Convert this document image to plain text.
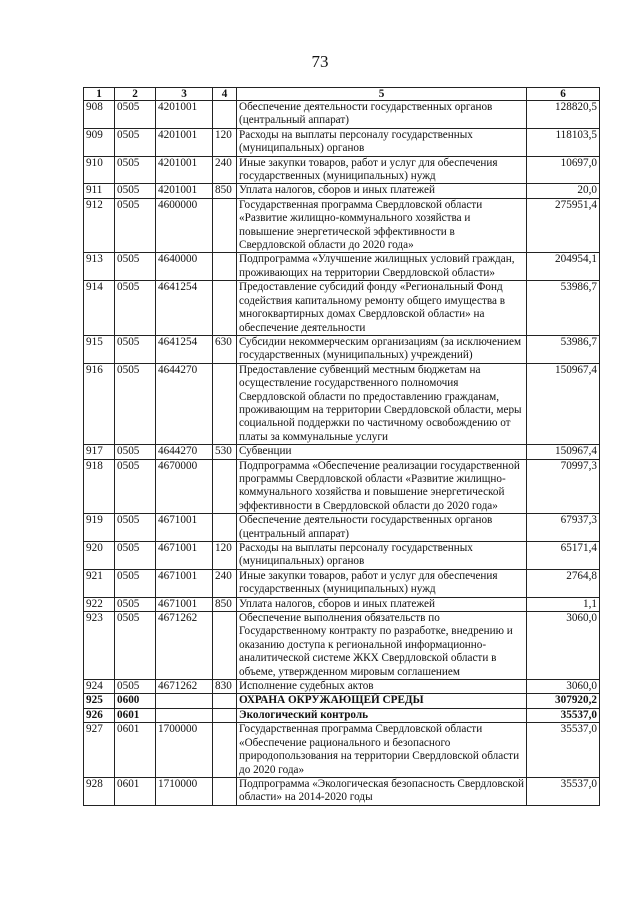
73
1	2	3	4	5	6
908	0505	4201001		Обеспечение деятельности государственных органов (центральный аппарат)	128820,5
909	0505	4201001	120	Расходы на выплаты персоналу государственных (муниципальных) органов	118103,5
910	0505	4201001	240	Иные закупки товаров, работ и услуг для обеспечения государственных (муниципальных) нужд	10697,0
911	0505	4201001	850	Уплата налогов, сборов и иных платежей	20,0
912	0505	4600000		Государственная программа Свердловской области «Развитие жилищно-коммунального хозяйства и повышение энергетической эффективности в Свердловской области до 2020 года»	275951,4
913	0505	4640000		Подпрограмма «Улучшение жилищных условий граждан, проживающих на территории Свердловской области»	204954,1
914	0505	4641254		Предоставление субсидий фонду «Региональный Фонд содействия капитальному ремонту общего имущества в многоквартирных домах Свердловской области» на обеспечение деятельности	53986,7
915	0505	4641254	630	Субсидии некоммерческим организациям (за исключением государственных (муниципальных) учреждений)	53986,7
916	0505	4644270		Предоставление субвенций местным бюджетам на осуществление государственного полномочия Свердловской области по предоставлению гражданам, проживающим на территории Свердловской области, меры социальной поддержки по частичному освобождению от платы за коммунальные услуги	150967,4
917	0505	4644270	530	Субвенции	150967,4
918	0505	4670000		Подпрограмма «Обеспечение реализации государственной программы Свердловской области «Развитие жилищно-коммунального хозяйства и повышение энергетической эффективности в Свердловской области до 2020 года»	70997,3
919	0505	4671001		Обеспечение деятельности государственных органов (центральный аппарат)	67937,3
920	0505	4671001	120	Расходы на выплаты персоналу государственных (муниципальных) органов	65171,4
921	0505	4671001	240	Иные закупки товаров, работ и услуг для обеспечения государственных (муниципальных) нужд	2764,8
922	0505	4671001	850	Уплата налогов, сборов и иных платежей	1,1
923	0505	4671262		Обеспечение выполнения обязательств по Государственному контракту по разработке, внедрению и оказанию доступа к региональной информационно-аналитической системе ЖКХ Свердловской области в объеме, утвержденном мировым соглашением	3060,0
924	0505	4671262	830	Исполнение судебных актов	3060,0
925	0600			ОХРАНА ОКРУЖАЮЩЕЙ СРЕДЫ	307920,2
926	0601			Экологический контроль	35537,0
927	0601	1700000		Государственная программа Свердловской области «Обеспечение рационального и безопасного природопользования на территории Свердловской области до 2020 года»	35537,0
928	0601	1710000		Подпрограмма «Экологическая безопасность Свердловской области» на 2014-2020 годы	35537,0
